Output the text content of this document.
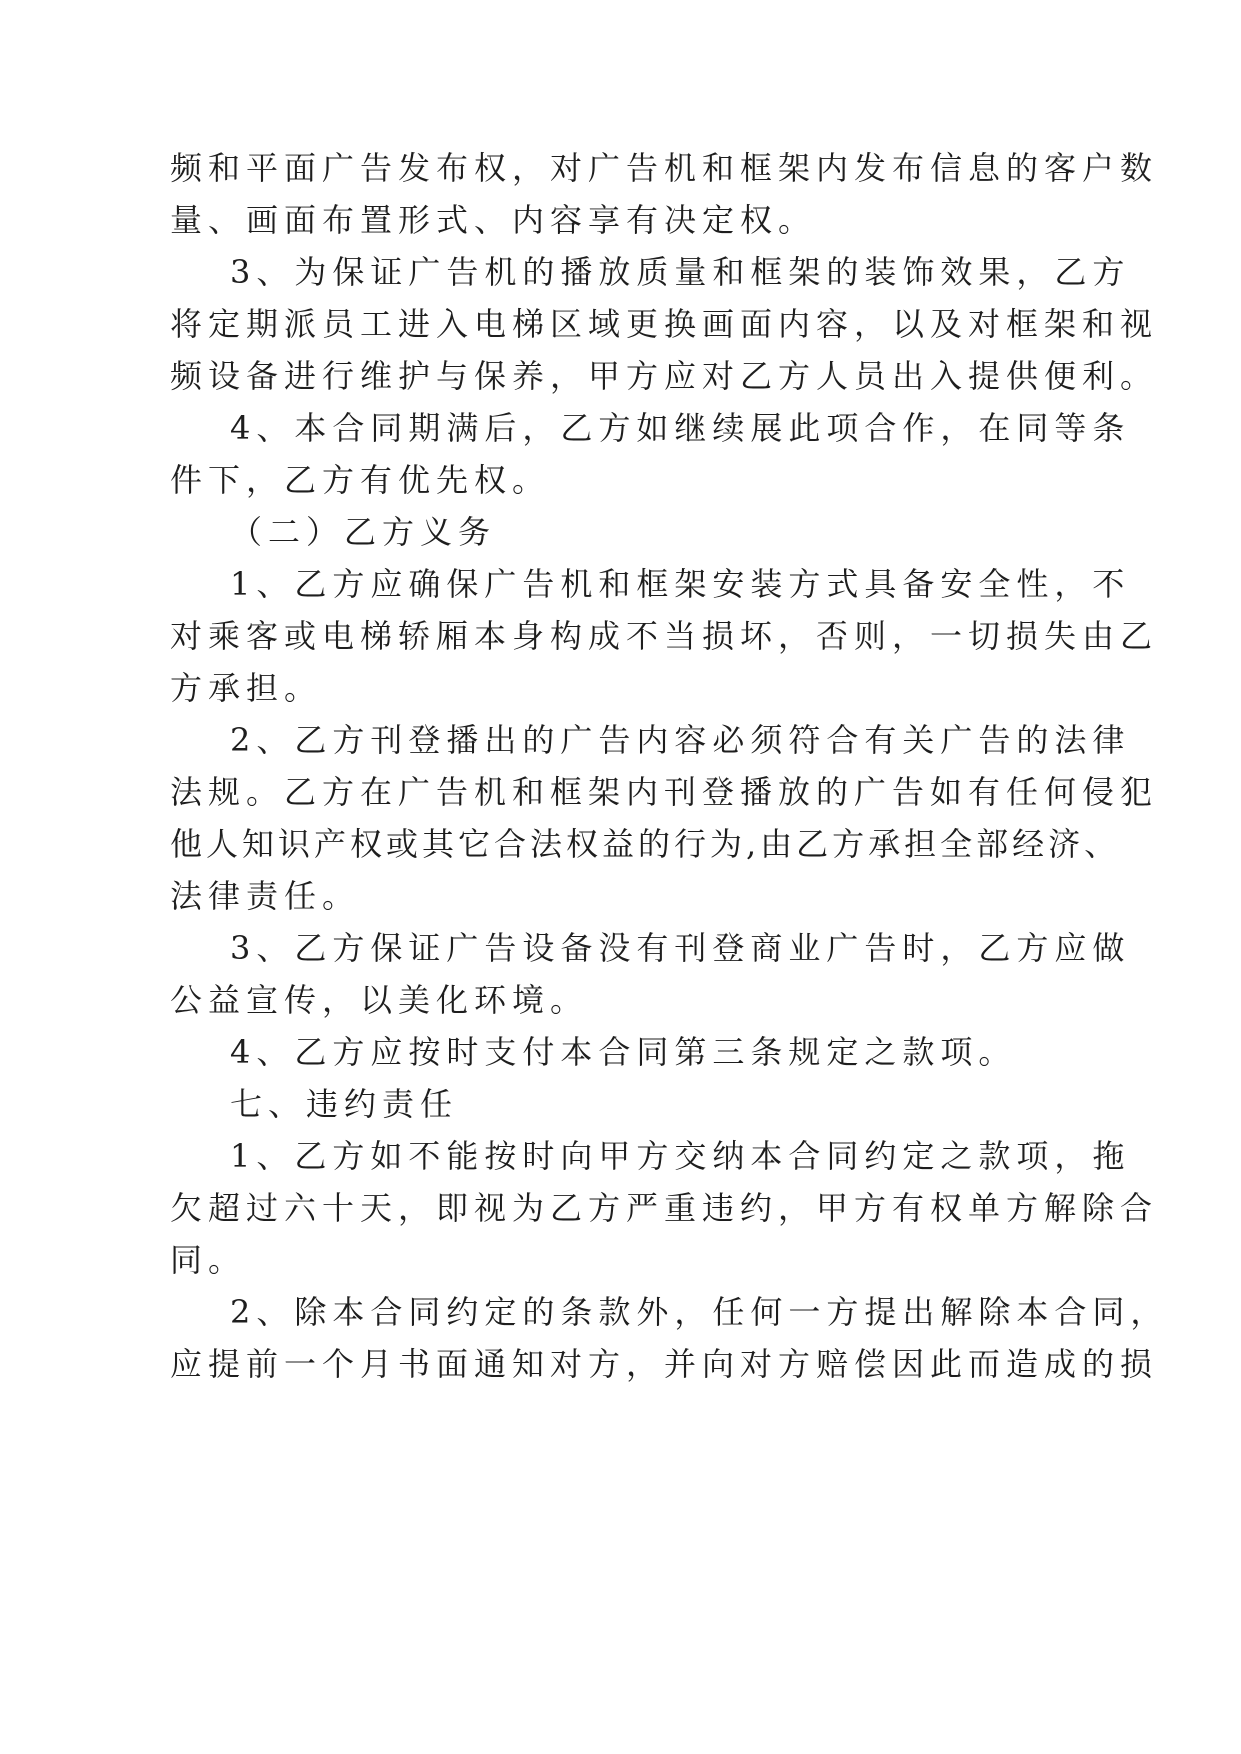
频和平面广告发布权，对广告机和框架内发布信息的客户数
量、画面布置形式、内容享有决定权。
3、为保证广告机的播放质量和框架的装饰效果，乙方
将定期派员工进入电梯区域更换画面内容，以及对框架和视
频设备进行维护与保养，甲方应对乙方人员出入提供便利。
4、本合同期满后，乙方如继续展此项合作，在同等条
件下，乙方有优先权。
（二）乙方义务
1、乙方应确保广告机和框架安装方式具备安全性，不
对乘客或电梯轿厢本身构成不当损坏，否则，一切损失由乙
方承担。
2、乙方刊登播出的广告内容必须符合有关广告的法律
法规。乙方在广告机和框架内刊登播放的广告如有任何侵犯
他人知识产权或其它合法权益的行为,由乙方承担全部经济、
法律责任。
3、乙方保证广告设备没有刊登商业广告时，乙方应做
公益宣传，以美化环境。
4、乙方应按时支付本合同第三条规定之款项。
七、违约责任
1、乙方如不能按时向甲方交纳本合同约定之款项，拖
欠超过六十天，即视为乙方严重违约，甲方有权单方解除合
同。
2、除本合同约定的条款外，任何一方提出解除本合同，
应提前一个月书面通知对方，并向对方赔偿因此而造成的损
